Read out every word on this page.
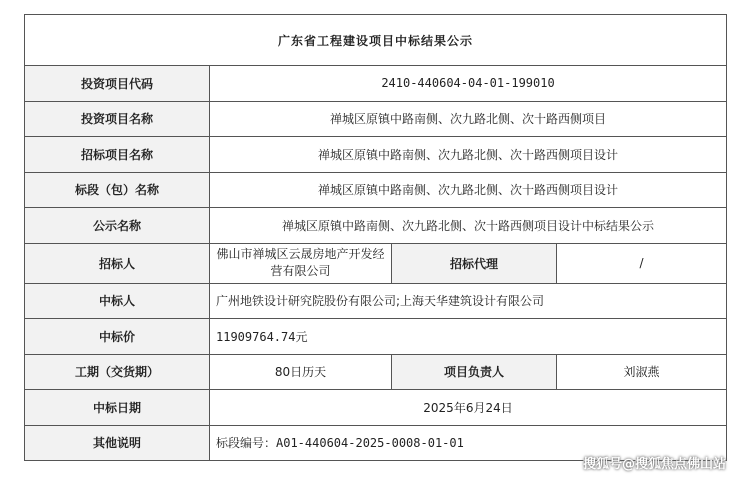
广东省工程建设项目中标结果公示			
投资项目代码	2410-440604-04-01-199010		
投资项目名称	禅城区原镇中路南侧、次九路北侧、次十路西侧项目		
招标项目名称	禅城区原镇中路南侧、次九路北侧、次十路西侧项目设计		
标段（包）名称	禅城区原镇中路南侧、次九路北侧、次十路西侧项目设计		
公示名称	禅城区原镇中路南侧、次九路北侧、次十路西侧项目设计中标结果公示		
招标人	佛山市禅城区云晟房地产开发经营有限公司	招标代理	/
中标人	广州地铁设计研究院股份有限公司;上海天华建筑设计有限公司		
中标价	11909764.74元		
工期（交货期）	80日历天	项目负责人	刘淑燕
中标日期	2025年6月24日		
其他说明	标段编号：A01-440604-2025-0008-01-01		
搜狐号@搜狐焦点佛山站
